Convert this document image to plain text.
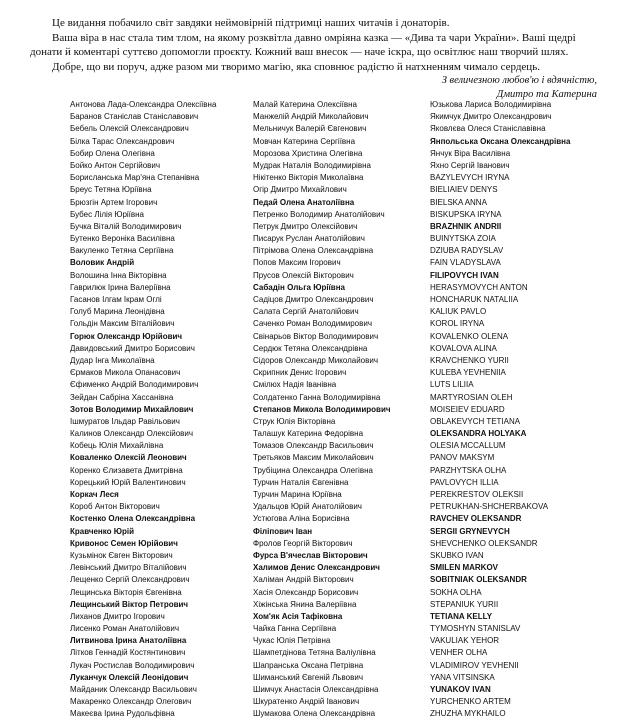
Це видання побачило світ завдяки неймовірній підтримці наших читачів і донаторів.

Ваша віра в нас стала тим тлом, на якому розквітла давно омріяна казка — «Дива та чари України». Ваші щедрі донати й коментарі суттєво допомогли проєкту. Кожний ваш внесок — наче іскра, що освітлює наш творчий шлях.

Добре, що ви поруч, адже разом ми творимо магію, яка сповнює радістю й натхненням чимало сердець.

З величезною любов'ю і вдячністю,
Дмитро та Катерина
Антонова Лада-Олександра Олексіївна
Баранов Станіслав Станіславович
Бебель Олексій Олександрович
Білка Тарас Олександрович
Бобир Олена Олегівна
Бойко Антон Сергійович
Борисланська Мар'яна Степанівна
Бреус Тетяна Юріївна
Брюзгін Артем Ігорович
Бубес Лілія Юріївна
Бучка Віталій Володимирович
Бутенко Вероніка Василівна
Вакуленко Тетяна Сергіївна
Воловик Андрій
Волошина Інна Вікторівна
Гаврилюк Ірина Валеріївна
Гасанов Ілгам Ікрам Оглі
Голуб Марина Леонідівна
Гольдін Максим Віталійович
Горюк Олександр Юрійович
Давидовський Дмитро Борисович
Дудар Інга Миколаївна
Єрмаков Микола Опанасович
Єфименко Андрій Володимирович
Зейдан Сабріна Хассанівна
Зотов Володимир Михайлович
Ішмуратов Ільдар Равільович
Калинов Олександр Олексійович
Кобець Юлія Михайлівна
Коваленко Олексій Леонович
Коренко Єлизавета Дмитрівна
Корецький Юрій Валентинович
Коркач Леся
Короб Антон Вікторович
Костенко Олена Олександрівна
Кравченко Юрій
Кривонос Семен Юрійович
Кузьмінок Євген Вікторович
Левінський Дмитро Віталійович
Лещенко Сергій Олександрович
Лещинська Вікторія Євгенівна
Лещинський Віктор Петрович
Лиханов Дмитро Ігорович
Лисенко Роман Анатолійович
Литвинова Ірина Анатоліївна
Літков Геннадій Костянтинович
Лукач Ростислав Володимирович
Луканчук Олексій Леонідович
Майданик Олександр Васильович
Макаренко Олександр Олегович
Макеєва Ірина Рудольфівна
Малай Катерина Олексіївна
Манжелій Андрій Миколайович
Мельничук Валерій Євгенович
Мовчан Катерина Сергіївна
Морозова Христина Олегівна
Мудрак Наталія Володимирівна
Нікітенко Вікторія Миколаївна
Огір Дмитро Михайлович
Педай Олена Анатоліївна
Петренко Володимир Анатолійович
Петрук Дмитро Олексійович
Писарук Руслан Анатолійович
Пітрімова Олена Олександрівна
Попов Максим Ігорович
Прусов Олексій Вікторович
Сабадін Ольга Юріївна
Садіцов Дмитро Олександрович
Салата Сергій Анатолійович
Саченко Роман Володимирович
Свінарьов Віктор Володимирович
Сердюк Тетяна Олександрівна
Сідоров Олександр Миколайович
Скрипник Денис Ігорович
Смілюх Надія Іванівна
Солдатенко Ганна Володимирівна
Степанов Микола Володимирович
Струк Юлія Вікторівна
Талашук Катерина Федорівна
Томазов Олександр Васильович
Третьяков Максим Миколайович
Трубіцина Олександра Олегівна
Турчин Наталія Євгенівна
Турчин Марина Юріївна
Удальцов Юрій Анатолійович
Устюгова Аліна Борисівна
Філіпович Іван
Фролов Георгій Вікторович
Фурса В'ячеслав Вікторович
Халимов Денис Олександрович
Халіман Андрій Вікторович
Хасія Олександр Борисович
Хіжінська Янина Валеріївна
Хом'як Асія Тафіковна
Чайка Ганна Сергіївна
Чукас Юлія Петрівна
Шампетдінова Тетяна Валіулівна
Шапранська Оксана Петрівна
Шиманський Євгеній Львович
Шимчук Анастасія Олександрівна
Шкуратенко Андрій Іванович
Шумакова Олена Олександрівна
Юзькова Лариса Володимирівна
Якимчук Дмитро Олександрович
Яковлєва Олеся Станіславівна
Янпольська Оксана Олександрівна
Янчук Віра Василівна
Яхно Сергій Іванович
BAZYLEVYCH IRYNA
BIELIAIEV DENYS
BIELSKA ANNA
BISKUPSKA IRYNA
BRAZHNIK ANDRII
BUINYTSKA ZOIA
DZIUBA RADYSLAV
FAIN VLADYSLAVA
FILIPOVYCH IVAN
HERASYMOVYCH ANTON
HONCHARUK NATALIIA
KALIUK PAVLO
KOROL IRYNA
KOVALENKO OLENA
KOVALOVA ALINA
KRAVCHENKO YURII
KULEBA YEVHENIIA
LUTS LILIIA
MARTYROSIAN OLEH
MOISEIEV EDUARD
OBLAKEVYCH TETIANA
OLEKSANDRA HOLYAKA
OLESIA MCCALLUM
PANOV MAKSYM
PARZHYTSKA OLHA
PAVLOVYCH ILLIA
PEREKRESTOV OLEKSII
PETRUKHAN-SHCHERBAKOVA
RAVCHEV OLEKSANDR
SERGII GRYNEVYCH
SHEVCHENKO OLEKSANDR
SKUBKO IVAN
SMILEN MARKOV
SOBITNIAK OLEKSANDR
SOKHA OLHA
STEPANIUK YURII
TETIANA KELLY
TYMOSHYN STANISLAV
VAKULIAK YEHOR
VENHER OLHA
VLADIMIROV YEVHENII
YANA VITSINSKA
YUNAKOV IVAN
YURCHENKO ARTEM
ZHUZHA MYKHAILO
